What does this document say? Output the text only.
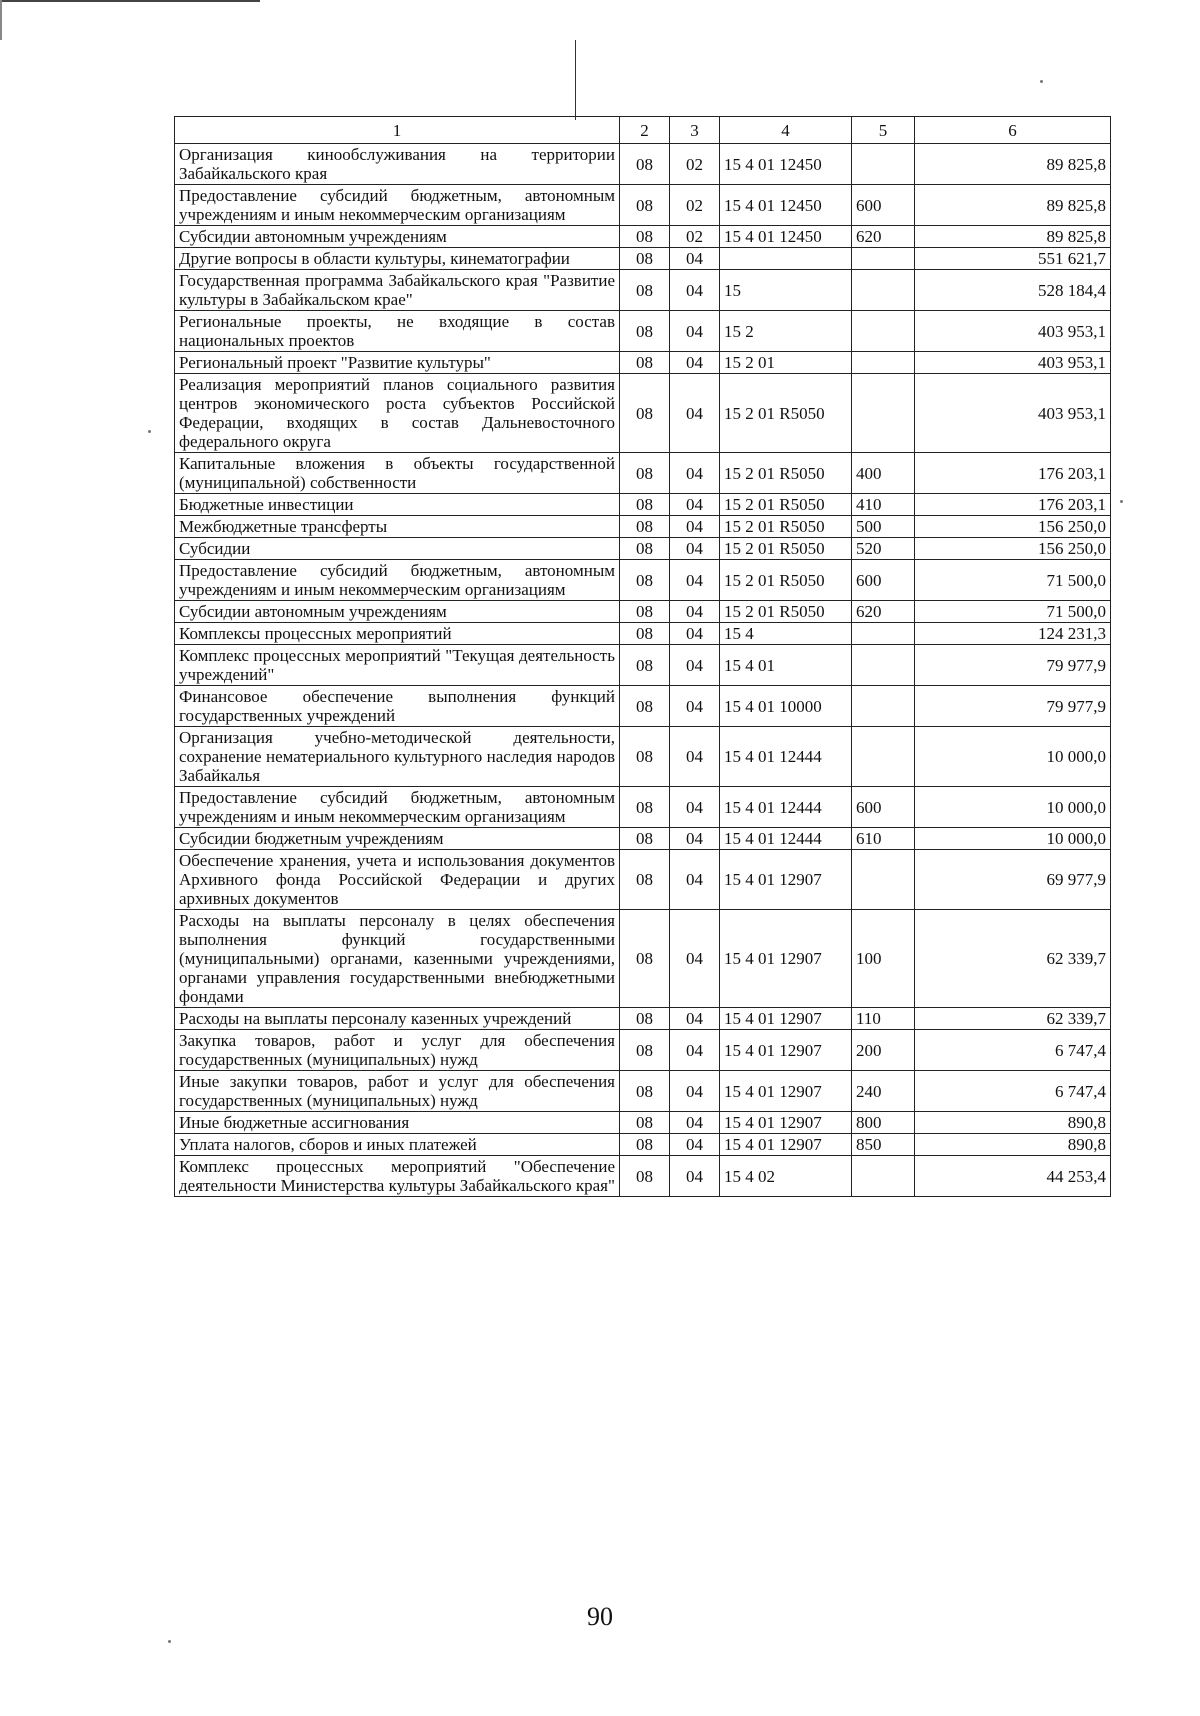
1	2	3	4	5	6
Организация кинообслуживания на территории Забайкальского края	08	02	15 4 01 12450		89 825,8
Предоставление субсидий бюджетным, автономным учреждениям и иным некоммерческим организациям	08	02	15 4 01 12450	600	89 825,8
Субсидии автономным учреждениям	08	02	15 4 01 12450	620	89 825,8
Другие вопросы в области культуры, кинематографии	08	04			551 621,7
Государственная программа Забайкальского края "Развитие культуры в Забайкальском крае"	08	04	15		528 184,4
Региональные проекты, не входящие в состав национальных проектов	08	04	15 2		403 953,1
Региональный проект "Развитие культуры"	08	04	15 2 01		403 953,1
Реализация мероприятий планов социального развития центров экономического роста субъектов Российской Федерации, входящих в состав Дальневосточного федерального округа	08	04	15 2 01 R5050		403 953,1
Капитальные вложения в объекты государственной (муниципальной) собственности	08	04	15 2 01 R5050	400	176 203,1
Бюджетные инвестиции	08	04	15 2 01 R5050	410	176 203,1
Межбюджетные трансферты	08	04	15 2 01 R5050	500	156 250,0
Субсидии	08	04	15 2 01 R5050	520	156 250,0
Предоставление субсидий бюджетным, автономным учреждениям и иным некоммерческим организациям	08	04	15 2 01 R5050	600	71 500,0
Субсидии автономным учреждениям	08	04	15 2 01 R5050	620	71 500,0
Комплексы процессных мероприятий	08	04	15 4		124 231,3
Комплекс процессных мероприятий "Текущая деятельность учреждений"	08	04	15 4 01		79 977,9
Финансовое обеспечение выполнения функций государственных учреждений	08	04	15 4 01 10000		79 977,9
Организация учебно-методической деятельности, сохранение нематериального культурного наследия народов Забайкалья	08	04	15 4 01 12444		10 000,0
Предоставление субсидий бюджетным, автономным учреждениям и иным некоммерческим организациям	08	04	15 4 01 12444	600	10 000,0
Субсидии бюджетным учреждениям	08	04	15 4 01 12444	610	10 000,0
Обеспечение хранения, учета и использования документов Архивного фонда Российской Федерации и других архивных документов	08	04	15 4 01 12907		69 977,9
Расходы на выплаты персоналу в целях обеспечения выполнения функций государственными (муниципальными) органами, казенными учреждениями, органами управления государственными внебюджетными фондами	08	04	15 4 01 12907	100	62 339,7
Расходы на выплаты персоналу казенных учреждений	08	04	15 4 01 12907	110	62 339,7
Закупка товаров, работ и услуг для обеспечения государственных (муниципальных) нужд	08	04	15 4 01 12907	200	6 747,4
Иные закупки товаров, работ и услуг для обеспечения государственных (муниципальных) нужд	08	04	15 4 01 12907	240	6 747,4
Иные бюджетные ассигнования	08	04	15 4 01 12907	800	890,8
Уплата налогов, сборов и иных платежей	08	04	15 4 01 12907	850	890,8
Комплекс процессных мероприятий "Обеспечение деятельности Министерства культуры Забайкальского края"	08	04	15 4 02		44 253,4
90
